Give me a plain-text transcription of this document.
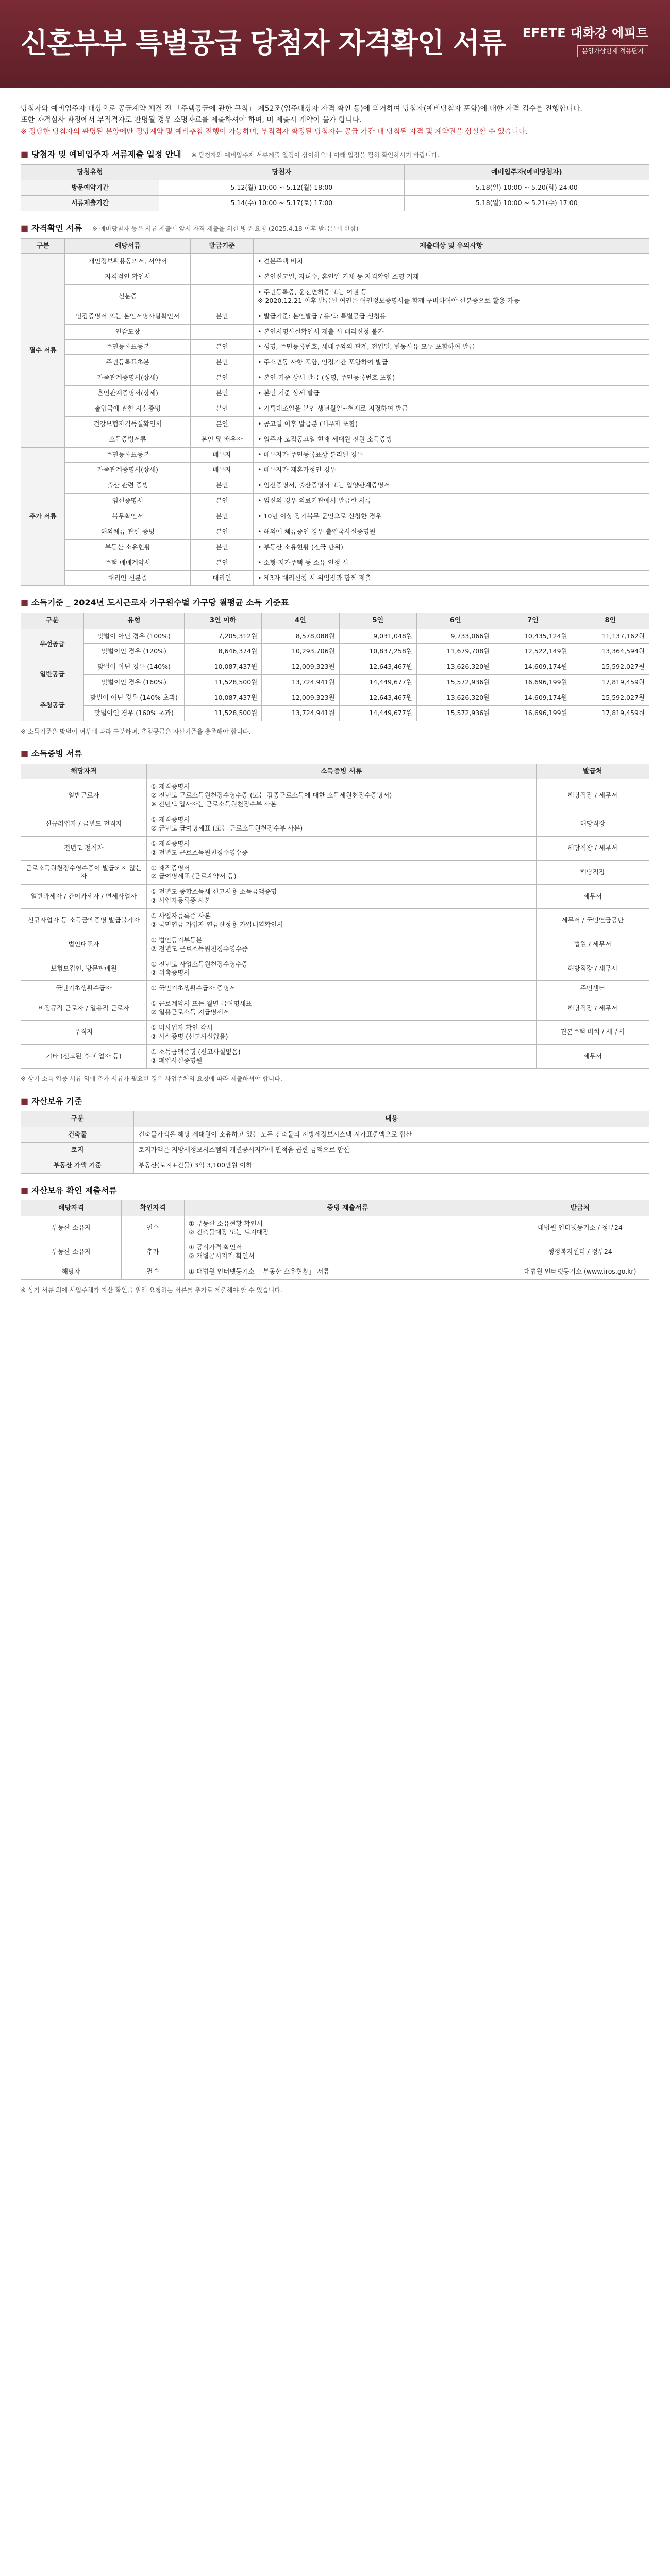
신혼부부 특별공급 당첨자 자격확인 서류 EFETE 대화강 에피트
분양가상한제 적용단지

당첨자와 예비입주자 대상으로 공급계약 체결 전 「주택공급에 관한 규칙」 제52조(입주대상자 자격 확인 등)에 의거하여 당첨자(예비당첨자 포함)에 대한 자격 검수를 진행합니다.

또한 자격심사 과정에서 부적격자로 판명될 경우 소명자료를 제출하셔야 하며, 미 제출시 계약이 불가 합니다.

※ 정당한 당첨자의 판명된 분양에만 정당계약 및 예비추첨 진행이 가능하며, 부적격자 확정된 당첨자는 공급 가간 내 당첨된 자격 및 계약권을 상실할 수 있습니다.

■ 당첨자 및 예비입주자 서류제출 일정 안내 ※ 당첨자와 예비입주자 서류제출 일정이 상이하오니 아래 일정을 필히 확인하시기 바랍니다.
당첨유형	당첨자	예비입주자(예비당첨자)
방문예약기간	5.12(월) 10:00 ~ 5.12(월) 18:00	5.18(일) 10:00 ~ 5.20(화) 24:00
서류제출기간	5.14(수) 10:00 ~ 5.17(토) 17:00	5.18(일) 10:00 ~ 5.21(수) 17:00
■ 자격확인 서류 ※ 예비당첨자 등은 서류 제출에 앞서 자격 제출을 위한 방문 요청 (2025.4.18 이후 발급분에 한함)
구분	해당서류	발급기준	제출대상 및 유의사항
필수 서류	개인정보활용동의서, 서약서		• 견본주택 비치
	자격검인 확인서		• 본인신고일, 자녀수, 혼인일 기재 등 자격확인 소명 기재
	신분증		• 주민등록증, 운전면허증 또는 여권 등
※ 2020.12.21 이후 발급된 여권은 여권정보증명서를 함께 구비하여야 신분증으로 활용 가능
	인감증명서 또는 본인서명사실확인서	본인	• 발급기준: 본인발급 / 용도: 특별공급 신청용
	인감도장		• 본인서명사실확인서 제출 시 대리신청 불가
	주민등록표등본	본인	• 성명, 주민등록번호, 세대주와의 관계, 전입일, 변동사유 모두 포함하여 발급
	주민등록표초본	본인	• 주소변동 사항 포함, 인정기간 포함하여 발급
	가족관계증명서(상세)	본인	• 본인 기준 상세 발급 (성명, 주민등록번호 포함)
	혼인관계증명서(상세)	본인	• 본인 기준 상세 발급
	출입국에 관한 사실증명	본인	• 기록대조일을 본인 생년월일~현재로 지정하여 발급
	건강보험자격득실확인서	본인	• 공고일 이후 발급분 (배우자 포함)
	소득증빙서류	본인 및 배우자	• 입주자 모집공고일 현재 세대원 전원 소득증빙
추가 서류	주민등록표등본	배우자	• 배우자가 주민등록표상 분리된 경우
	가족관계증명서(상세)	배우자	• 배우자가 재혼가정인 경우
	출산 관련 증빙	본인	• 임신증명서, 출산증명서 또는 입양관계증명서
	임신증명서	본인	• 임신의 경우 의료기관에서 발급한 서류
	복무확인서	본인	• 10년 이상 장기복무 군인으로 신청한 경우
	해외체류 관련 증빙	본인	• 해외에 체류중인 경우 출입국사실증명원
	부동산 소유현황	본인	• 부동산 소유현황 (전국 단위)
	주택 매매계약서	본인	• 소형·저가주택 등 소유 인정 시
	대리인 신분증	대리인	• 제3자 대리신청 시 위임장과 함께 제출
■ 소득기준 _ 2024년 도시근로자 가구원수별 가구당 월평균 소득 기준표
구분	유형	3인 이하	4인	5인	6인	7인	8인
우선공급	맞벌이 아닌 경우 (100%)	7,205,312원	8,578,088원	9,031,048원	9,733,066원	10,435,124원	11,137,162원
	맞벌이인 경우 (120%)	8,646,374원	10,293,706원	10,837,258원	11,679,708원	12,522,149원	13,364,594원
일반공급	맞벌이 아닌 경우 (140%)	10,087,437원	12,009,323원	12,643,467원	13,626,320원	14,609,174원	15,592,027원
	맞벌이인 경우 (160%)	11,528,500원	13,724,941원	14,449,677원	15,572,936원	16,696,199원	17,819,459원
추첨공급	맞벌이 아닌 경우 (140% 초과)	10,087,437원	12,009,323원	12,643,467원	13,626,320원	14,609,174원	15,592,027원
	맞벌이인 경우 (160% 초과)	11,528,500원	13,724,941원	14,449,677원	15,572,936원	16,696,199원	17,819,459원

※ 소득기준은 맞벌이 여부에 따라 구분하며, 추첨공급은 자산기준을 충족해야 합니다.

■ 소득증빙 서류
해당자격	소득증빙 서류	발급처
일반근로자	① 재직증명서
② 전년도 근로소득원천징수영수증 (또는 갑종근로소득에 대한 소득세원천징수증명서)
※ 전년도 입사자는 근로소득원천징수부 사본	해당직장 / 세무서
신규취업자 / 금년도 전직자	① 재직증명서
② 금년도 급여명세표 (또는 근로소득원천징수부 사본)	해당직장
전년도 전직자	① 재직증명서
② 전년도 근로소득원천징수영수증	해당직장 / 세무서
근로소득원천징수영수증이 발급되지 않는 자	① 재직증명서
② 급여명세표 (근로계약서 등)	해당직장
일반과세자 / 간이과세자 / 면세사업자	① 전년도 종합소득세 신고서용 소득금액증명
② 사업자등록증 사본	세무서
신규사업자 등 소득금액증명 발급불가자	① 사업자등록증 사본
② 국민연금 가입자 연금산정용 가입내역확인서	세무서 / 국민연금공단
법인대표자	① 법인등기부등본
② 전년도 근로소득원천징수영수증	법원 / 세무서
보험모집인, 방문판매원	① 전년도 사업소득원천징수영수증
② 위촉증명서	해당직장 / 세무서
국민기초생활수급자	① 국민기초생활수급자 증명서	주민센터
비정규직 근로자 / 일용직 근로자	① 근로계약서 또는 월별 급여명세표
② 일용근로소득 지급명세서	해당직장 / 세무서
무직자	① 비사업자 확인 각서
② 사실증명 (신고사실없음)	견본주택 비치 / 세무서
기타 (신고된 휴·폐업자 등)	① 소득금액증명 (신고사실없음)
② 폐업사실증명원	세무서

※ 상기 소득 입증 서류 외에 추가 서류가 필요한 경우 사업주체의 요청에 따라 제출하셔야 합니다.

■ 자산보유 기준
구분	내용
건축물	건축물가액은 해당 세대원이 소유하고 있는 모든 건축물의 지방세정보시스템 시가표준액으로 합산
토지	토지가액은 지방세정보시스템의 개별공시지가에 면적을 곱한 금액으로 합산
부동산 가액 기준	부동산(토지+건물) 3억 3,100만원 이하
■ 자산보유 확인 제출서류
해당자격	확인자격	증빙 제출서류	발급처
부동산 소유자	필수	① 부동산 소유현황 확인서
② 건축물대장 또는 토지대장	대법원 인터넷등기소 / 정부24
부동산 소유자	추가	① 공시가격 확인서
② 개별공시지가 확인서	행정복지센터 / 정부24
해당자	필수	① 대법원 인터넷등기소 「부동산 소유현황」 서류	대법원 인터넷등기소 (www.iros.go.kr)

※ 상기 서류 외에 사업주체가 자산 확인을 위해 요청하는 서류를 추가로 제출해야 할 수 있습니다.
